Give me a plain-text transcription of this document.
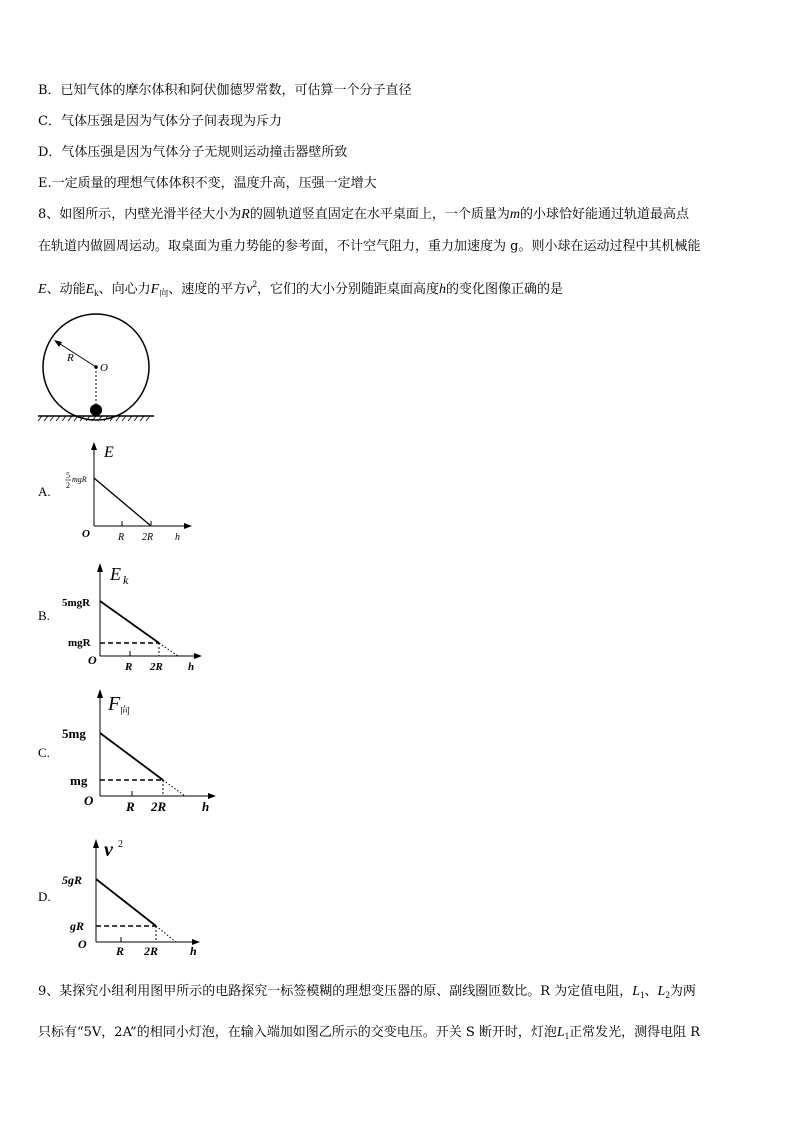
B．已知气体的摩尔体积和阿伏伽德罗常数，可估算一个分子直径
C．气体压强是因为气体分子间表现为斥力
D．气体压强是因为气体分子无规则运动撞击器壁所致
E.一定质量的理想气体体积不变，温度升高，压强一定增大
8、如图所示，内壁光滑半径大小为R的圆轨道竖直固定在水平桌面上，一个质量为m的小球恰好能通过轨道最高点
在轨道内做圆周运动。取桌面为重力势能的参考面，不计空气阻力，重力加速度为 g。则小球在运动过程中其机械能
E、动能$E_k$、向心力$F_向$、速度的平方$v^2$，它们的大小分别随距桌面高度h的变化图像正确的是
R
O
A.
E
5
2
mgR
O	R 2R h
B.
E k
5mgR
mgR
O	R 2R h
C.
F 向
5mg
mg
O	R 2R	h
D.
v 2
5gR
gR
O R 2R	h
9、某探究小组利用图甲所示的电路探究一标签模糊的理想变压器的原、副线圈匝数比。R 为定值电阻，$L_1$、$L_2$为两
只标有“5V，2A”的相同小灯泡，在输入端加如图乙所示的交变电压。开关 S 断开时，灯泡$L_1$正常发光，测得电阻 R
